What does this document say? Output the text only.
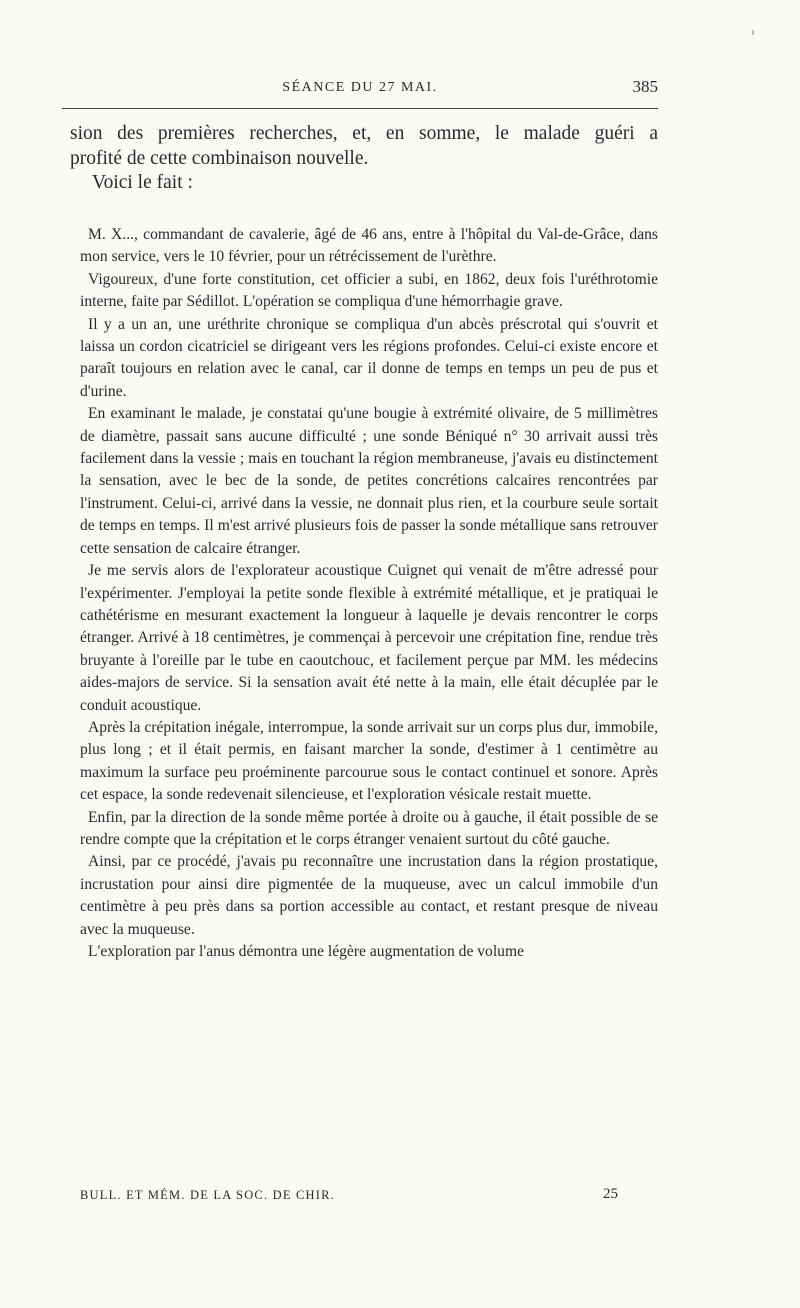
SÉANCE DU 27 MAI.	385

sion des premières recherches, et, en somme, le malade guéri a

profité de cette combinaison nouvelle.

Voici le fait :

M. X..., commandant de cavalerie, âgé de 46 ans, entre à l'hôpital du Val-de-Grâce, dans mon service, vers le 10 février, pour un rétrécissement de l'urèthre.

Vigoureux, d'une forte constitution, cet officier a subi, en 1862, deux fois l'uréthrotomie interne, faite par Sédillot. L'opération se compliqua d'une hémorrhagie grave.

Il y a un an, une uréthrite chronique se compliqua d'un abcès préscrotal qui s'ouvrit et laissa un cordon cicatriciel se dirigeant vers les régions profondes. Celui-ci existe encore et paraît toujours en relation avec le canal, car il donne de temps en temps un peu de pus et d'urine.

En examinant le malade, je constatai qu'une bougie à extrémité olivaire, de 5 millimètres de diamètre, passait sans aucune difficulté ; une sonde Béniqué n° 30 arrivait aussi très facilement dans la vessie ; mais en touchant la région membraneuse, j'avais eu distinctement la sensation, avec le bec de la sonde, de petites concrétions calcaires rencontrées par l'instrument. Celui-ci, arrivé dans la vessie, ne donnait plus rien, et la courbure seule sortait de temps en temps. Il m'est arrivé plusieurs fois de passer la sonde métallique sans retrouver cette sensation de calcaire étranger.

Je me servis alors de l'explorateur acoustique Cuignet qui venait de m'être adressé pour l'expérimenter. J'employai la petite sonde flexible à extrémité métallique, et je pratiquai le cathétérisme en mesurant exactement la longueur à laquelle je devais rencontrer le corps étranger. Arrivé à 18 centimètres, je commençai à percevoir une crépitation fine, rendue très bruyante à l'oreille par le tube en caoutchouc, et facilement perçue par MM. les médecins aides-majors de service. Si la sensation avait été nette à la main, elle était décuplée par le conduit acoustique.

Après la crépitation inégale, interrompue, la sonde arrivait sur un corps plus dur, immobile, plus long ; et il était permis, en faisant marcher la sonde, d'estimer à 1 centimètre au maximum la surface peu proéminente parcourue sous le contact continuel et sonore. Après cet espace, la sonde redevenait silencieuse, et l'exploration vésicale restait muette.

Enfin, par la direction de la sonde même portée à droite ou à gauche, il était possible de se rendre compte que la crépitation et le corps étranger venaient surtout du côté gauche.

Ainsi, par ce procédé, j'avais pu reconnaître une incrustation dans la région prostatique, incrustation pour ainsi dire pigmentée de la muqueuse, avec un calcul immobile d'un centimètre à peu près dans sa portion accessible au contact, et restant presque de niveau avec la muqueuse.

L'exploration par l'anus démontra une légère augmentation de volume

BULL. ET MÉM. DE LA SOC. DE CHIR.	25
